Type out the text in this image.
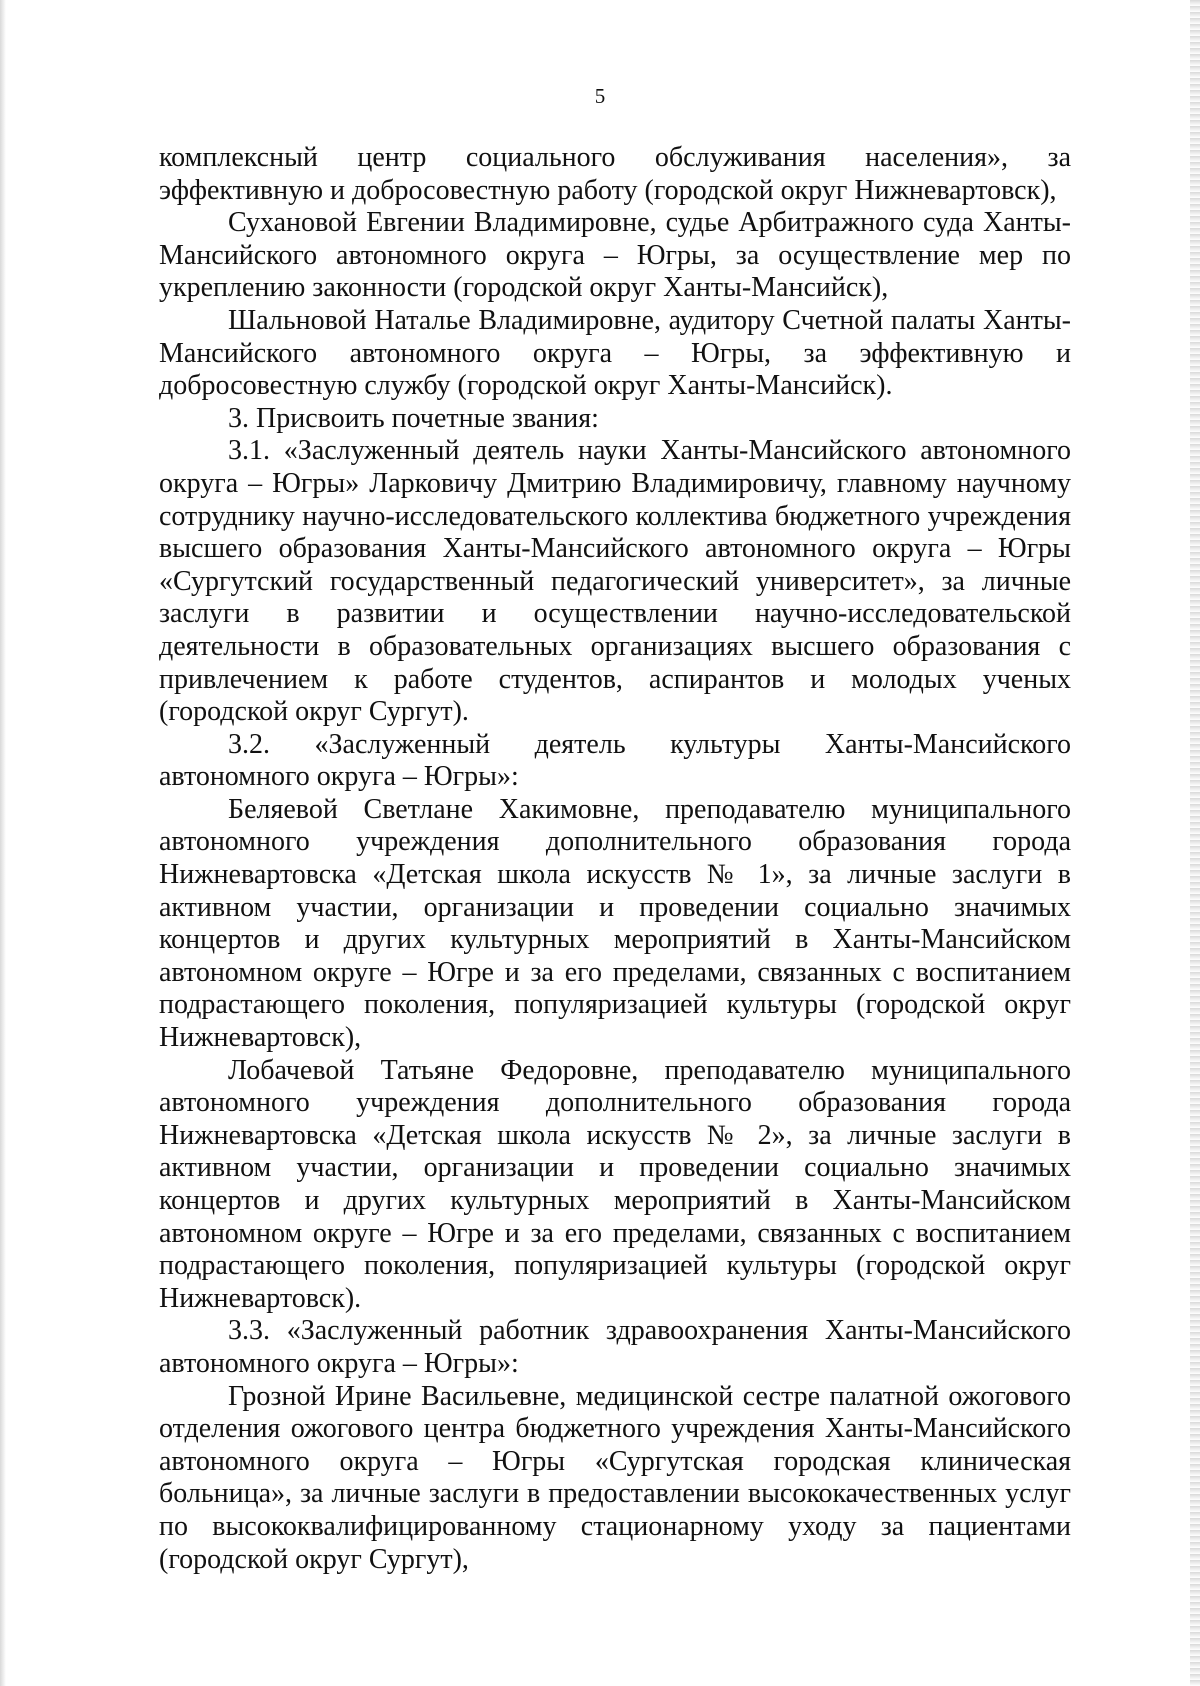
5

комплексный центр социального обслуживания населения», за эффективную и добросовестную работу (городской округ Нижневартовск),

Сухановой Евгении Владимировне, судье Арбитражного суда Ханты-Мансийского автономного округа – Югры, за осуществление мер по укреплению законности (городской округ Ханты-Мансийск),

Шальновой Наталье Владимировне, аудитору Счетной палаты Ханты-Мансийского автономного округа – Югры, за эффективную и добросовестную службу (городской округ Ханты-Мансийск).

3. Присвоить почетные звания:

3.1. «Заслуженный деятель науки Ханты-Мансийского автономного округа – Югры» Ларковичу Дмитрию Владимировичу, главному научному сотруднику научно-исследовательского коллектива бюджетного учреждения высшего образования Ханты-Мансийского автономного округа – Югры «Сургутский государственный педагогический университет», за личные заслуги в развитии и осуществлении научно-исследовательской деятельности в образовательных организациях высшего образования с привлечением к работе студентов, аспирантов и молодых ученых (городской округ Сургут).

3.2. «Заслуженный деятель культуры Ханты-Мансийского автономного округа – Югры»:

Беляевой Светлане Хакимовне, преподавателю муниципального автономного учреждения дополнительного образования города Нижневартовска «Детская школа искусств № 1», за личные заслуги в активном участии, организации и проведении социально значимых концертов и других культурных мероприятий в Ханты-Мансийском автономном округе – Югре и за его пределами, связанных с воспитанием подрастающего поколения, популяризацией культуры (городской округ Нижневартовск),

Лобачевой Татьяне Федоровне, преподавателю муниципального автономного учреждения дополнительного образования города Нижневартовска «Детская школа искусств № 2», за личные заслуги в активном участии, организации и проведении социально значимых концертов и других культурных мероприятий в Ханты-Мансийском автономном округе – Югре и за его пределами, связанных с воспитанием подрастающего поколения, популяризацией культуры (городской округ Нижневартовск).

3.3. «Заслуженный работник здравоохранения Ханты-Мансийского автономного округа – Югры»:

Грозной Ирине Васильевне, медицинской сестре палатной ожогового отделения ожогового центра бюджетного учреждения Ханты-Мансийского автономного округа – Югры «Сургутская городская клиническая больница», за личные заслуги в предоставлении высококачественных услуг по высококвалифицированному стационарному уходу за пациентами (городской округ Сургут),
